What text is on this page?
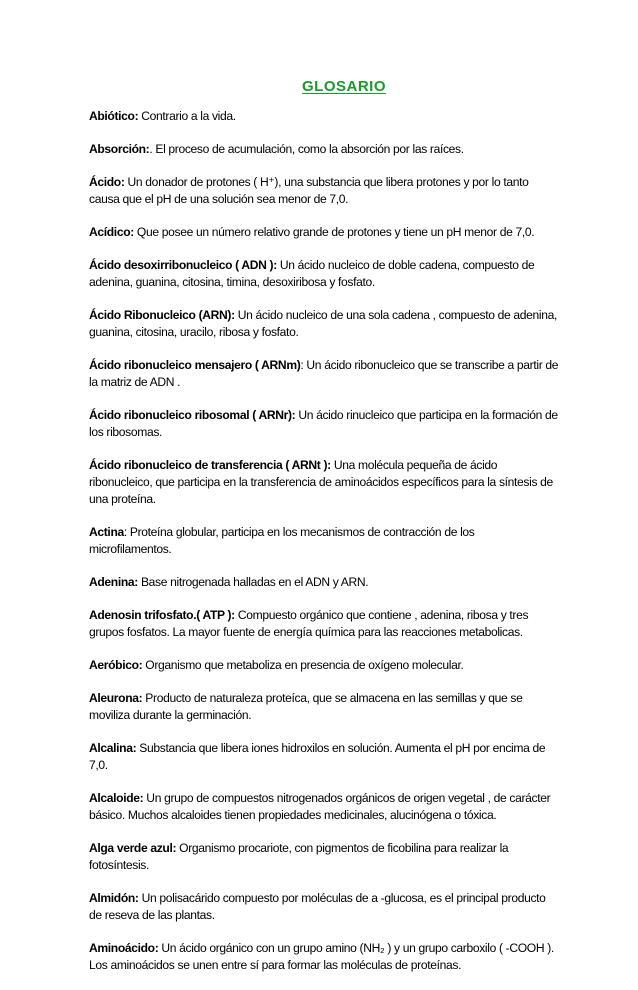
GLOSARIO

Abiótico: Contrario a la vida.

Absorción:. El proceso de acumulación, como la absorción por las raíces.

Ácido: Un donador de protones ( H⁺), una substancia que libera protones y por lo tanto causa que el pH de una solución sea menor de 7,0.

Acídico: Que posee un número relativo grande de protones y tiene un pH menor de 7,0.

Ácido desoxirribonucleico ( ADN ): Un ácido nucleico de doble cadena, compuesto de adenina, guanina, citosina, timina, desoxiribosa y fosfato.

Ácido Ribonucleico (ARN): Un ácido nucleico de una sola cadena , compuesto de adenina, guanina, citosina, uracilo, ribosa y fosfato.

Ácido ribonucleico mensajero ( ARNm): Un ácido ribonucleico que se transcribe a partir de la matriz de ADN .

Ácido ribonucleico ribosomal ( ARNr): Un ácido rinucleico que participa en la formación de los ribosomas.

Ácido ribonucleico de transferencia ( ARNt ): Una molécula pequeña de ácido ribonucleico, que participa en la transferencia de aminoácidos específicos para la síntesis de una proteína.

Actina: Proteína globular, participa en los mecanismos de contracción de los microfilamentos.

Adenina: Base nitrogenada halladas en el ADN y ARN.

Adenosin trifosfato.( ATP ): Compuesto orgánico que contiene , adenina, ribosa y tres grupos fosfatos. La mayor fuente de energía química para las reacciones metabolicas.

Aeróbico: Organismo que metaboliza en presencia de oxígeno molecular.

Aleurona: Producto de naturaleza proteíca, que se almacena en las semillas y que se moviliza durante la germinación.

Alcalina: Substancia que libera iones hidroxilos en solución. Aumenta el pH por encima de 7,0.

Alcaloide: Un grupo de compuestos nitrogenados orgánicos de origen vegetal , de carácter básico. Muchos alcaloides tienen propiedades medicinales, alucinógena o tóxica.

Alga verde azul: Organismo procariote, con pigmentos de ficobilina para realizar la fotosíntesis.

Almidón: Un polisacárido compuesto por moléculas de a -glucosa, es el principal producto de reseva de las plantas.

Aminoácido: Un ácido orgánico con un grupo amino (NH₂ ) y un grupo carboxilo ( -COOH ). Los aminoácidos se unen entre sí para formar las moléculas de proteínas.
